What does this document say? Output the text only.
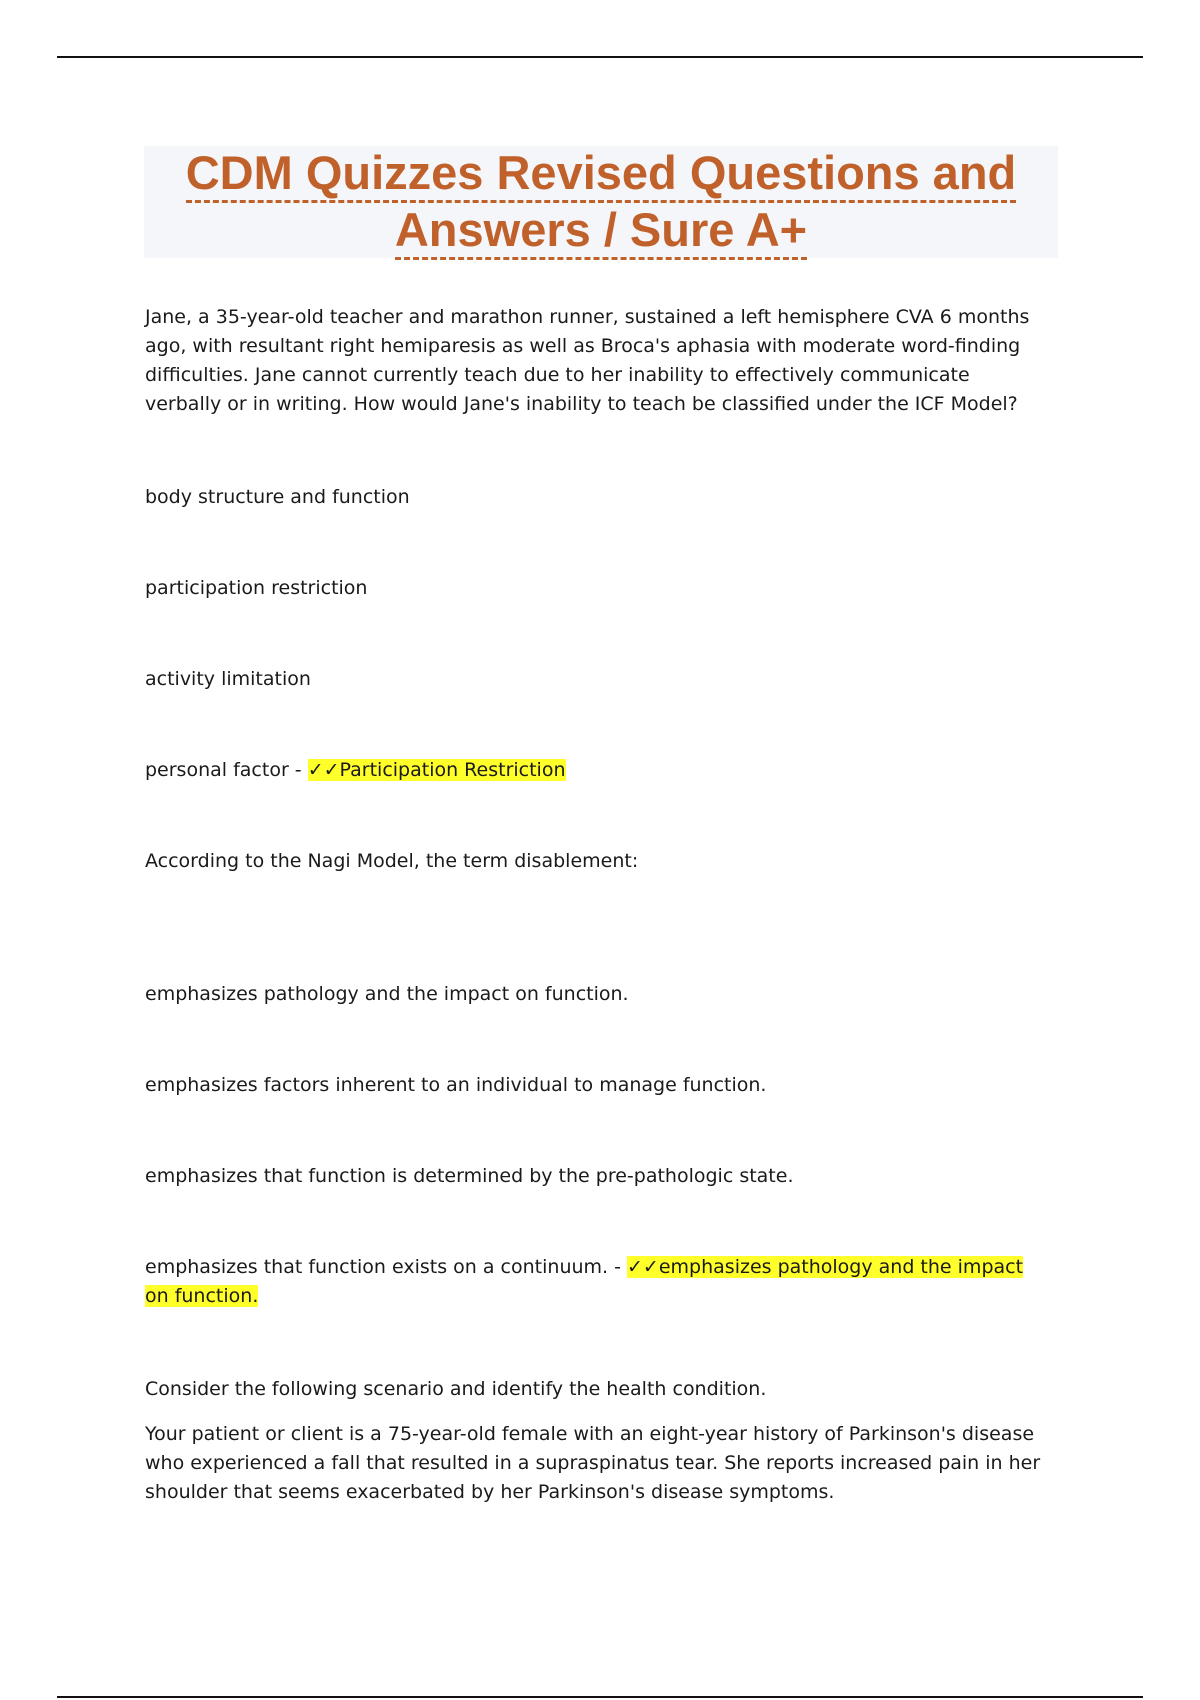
CDM Quizzes Revised Questions and
Answers / Sure A+

Jane, a 35-year-old teacher and marathon runner, sustained a left hemisphere CVA 6 months ago, with resultant right hemiparesis as well as Broca's aphasia with moderate word-finding difficulties. Jane cannot currently teach due to her inability to effectively communicate verbally or in writing. How would Jane's inability to teach be classified under the ICF Model?

body structure and function

participation restriction

activity limitation

personal factor - ✓✓Participation Restriction

According to the Nagi Model, the term disablement:

emphasizes pathology and the impact on function.

emphasizes factors inherent to an individual to manage function.

emphasizes that function is determined by the pre-pathologic state.

emphasizes that function exists on a continuum. - ✓✓emphasizes pathology and the impact on function.

Consider the following scenario and identify the health condition.

Your patient or client is a 75-year-old female with an eight-year history of Parkinson's disease who experienced a fall that resulted in a supraspinatus tear. She reports increased pain in her shoulder that seems exacerbated by her Parkinson's disease symptoms.
